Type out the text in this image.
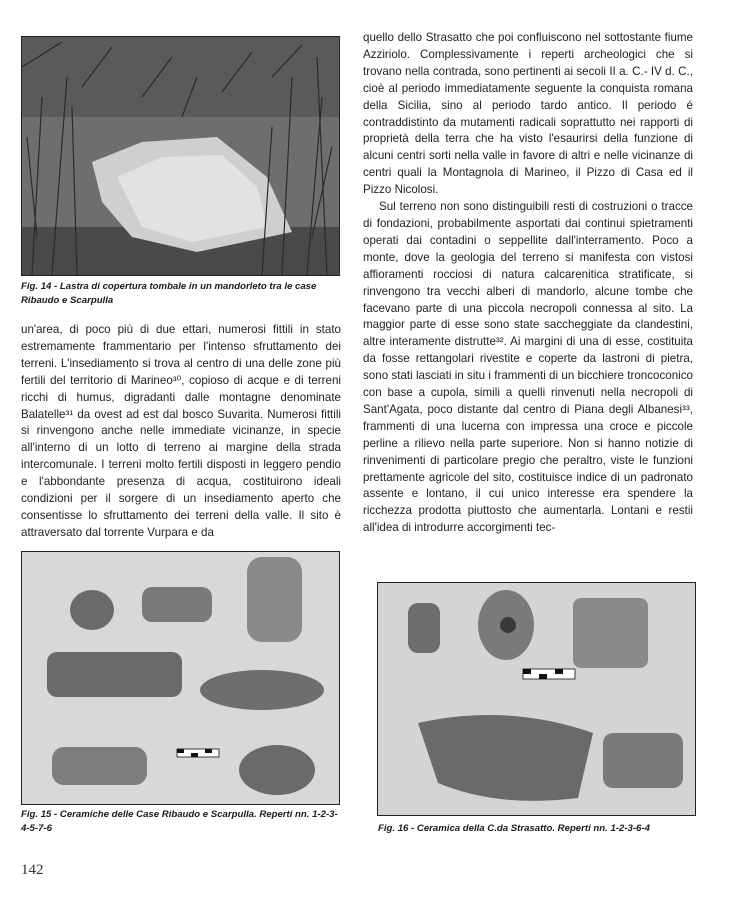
Fig. 14 - Lastra di copertura tombale in un mandorleto tra le case Ribaudo e Scarpulla

un'area, di poco più di due ettari, numerosi fittili in stato estremamente frammentario per l'intenso sfruttamento dei terreni. L'insediamento si trova al centro di una delle zone più fertili del territorio di Marineo³⁰, copioso di acque e di terreni ricchi di humus, digradanti dalle montagne denominate Balatelle³¹ da ovest ad est dal bosco Suvarita. Numerosi fittili si rinvengono anche nelle immediate vicinanze, in specie all'interno di un lotto di terreno ai margine della strada intercomunale. I terreni molto fertili disposti in leggero pendio e l'abbondante presenza di acqua, costituirono ideali condizioni per il sorgere di un insediamento aperto che consentisse lo sfruttamento dei terreni della valle. Il sito è attraversato dal torrente Vurpara e da

Fig. 15 - Ceramiche delle Case Ribaudo e Scarpulla. Reperti nn. 1-2-3-4-5-7-6

quello dello Strasatto che poi confluiscono nel sottostante fiume Azziriolo. Complessivamente i reperti archeologici che si trovano nella contrada, sono pertinenti ai secoli II a. C.- IV d. C., cioè al periodo immediatamente seguente la conquista romana della Sicilia, sino al periodo tardo antico. Il periodo é contraddistinto da mutamenti radicali soprattutto nei rapporti di proprietà della terra che ha visto l'esaurirsi della funzione di alcuni centri sorti nella valle in favore di altri e nelle vicinanze di centri quali la Montagnola di Marineo, il Pizzo di Casa ed il Pizzo Nicolosi.

Sul terreno non sono distinguibili resti di costruzioni o tracce di fondazioni, probabilmente asportati dai continui spietramenti operati dai contadini o seppellite dall'interramento. Poco a monte, dove la geologia del terreno si manifesta con vistosi affioramenti rocciosi di natura calcarenitica stratificate, si rinvengono tra vecchi alberi di mandorlo, alcune tombe che facevano parte di una piccola necropoli connessa al sito. La maggior parte di esse sono state saccheggiate da clandestini, altre interamente distrutte³². Ai margini di una di esse, costituita da fosse rettangolari rivestite e coperte da lastroni di pietra, sono stati lasciati in situ i frammenti di un bicchiere troncoconico con base a cupola, simili a quelli rinvenuti nella necropoli di Sant'Agata, poco distante dal centro di Piana degli Albanesi³³, frammenti di una lucerna con impressa una croce e piccole perline a rilievo nella parte superiore. Non si hanno notizie di rinvenimenti di particolare pregio che peraltro, viste le funzioni prettamente agricole del sito, costituisce indice di un padronato assente e lontano, il cui unico interesse era spendere la ricchezza prodotta piuttosto che aumentarla. Lontani e restii all'idea di introdurre accorgimenti tec-

Fig. 16 - Ceramica della C.da Strasatto. Reperti nn. 1-2-3-6-4
142
